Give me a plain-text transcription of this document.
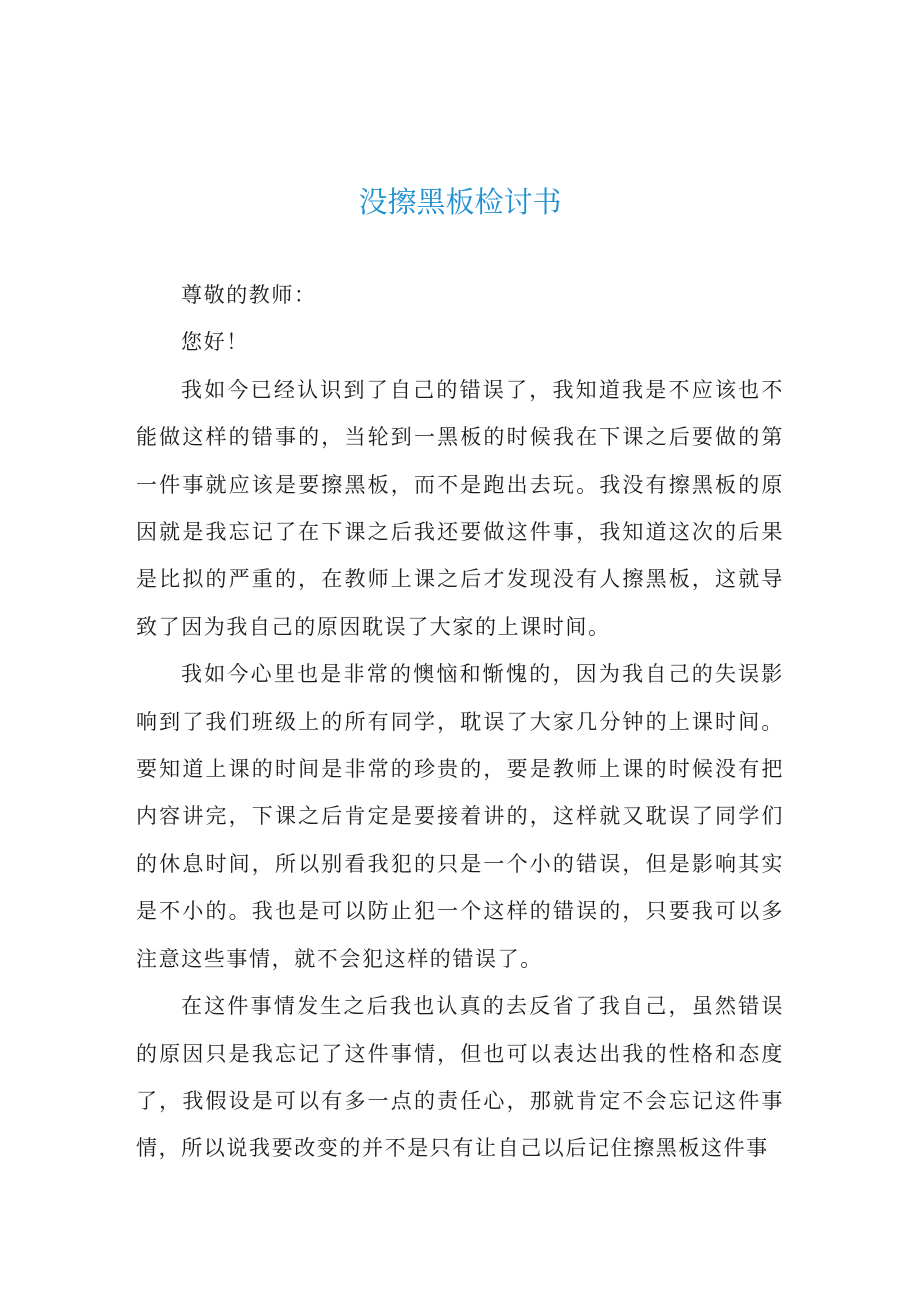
没擦黑板检讨书

尊敬的教师：

您好！

我如今已经认识到了自己的错误了，我知道我是不应该也不能做这样的错事的，当轮到一黑板的时候我在下课之后要做的第一件事就应该是要擦黑板，而不是跑出去玩。我没有擦黑板的原因就是我忘记了在下课之后我还要做这件事，我知道这次的后果是比拟的严重的，在教师上课之后才发现没有人擦黑板，这就导致了因为我自己的原因耽误了大家的上课时间。

我如今心里也是非常的懊恼和惭愧的，因为我自己的失误影响到了我们班级上的所有同学，耽误了大家几分钟的上课时间。要知道上课的时间是非常的珍贵的，要是教师上课的时候没有把内容讲完，下课之后肯定是要接着讲的，这样就又耽误了同学们的休息时间，所以别看我犯的只是一个小的错误，但是影响其实是不小的。我也是可以防止犯一个这样的错误的，只要我可以多注意这些事情，就不会犯这样的错误了。

在这件事情发生之后我也认真的去反省了我自己，虽然错误的原因只是我忘记了这件事情，但也可以表达出我的性格和态度了，我假设是可以有多一点的责任心，那就肯定不会忘记这件事情，所以说我要改变的并不是只有让自己以后记住擦黑板这件事
